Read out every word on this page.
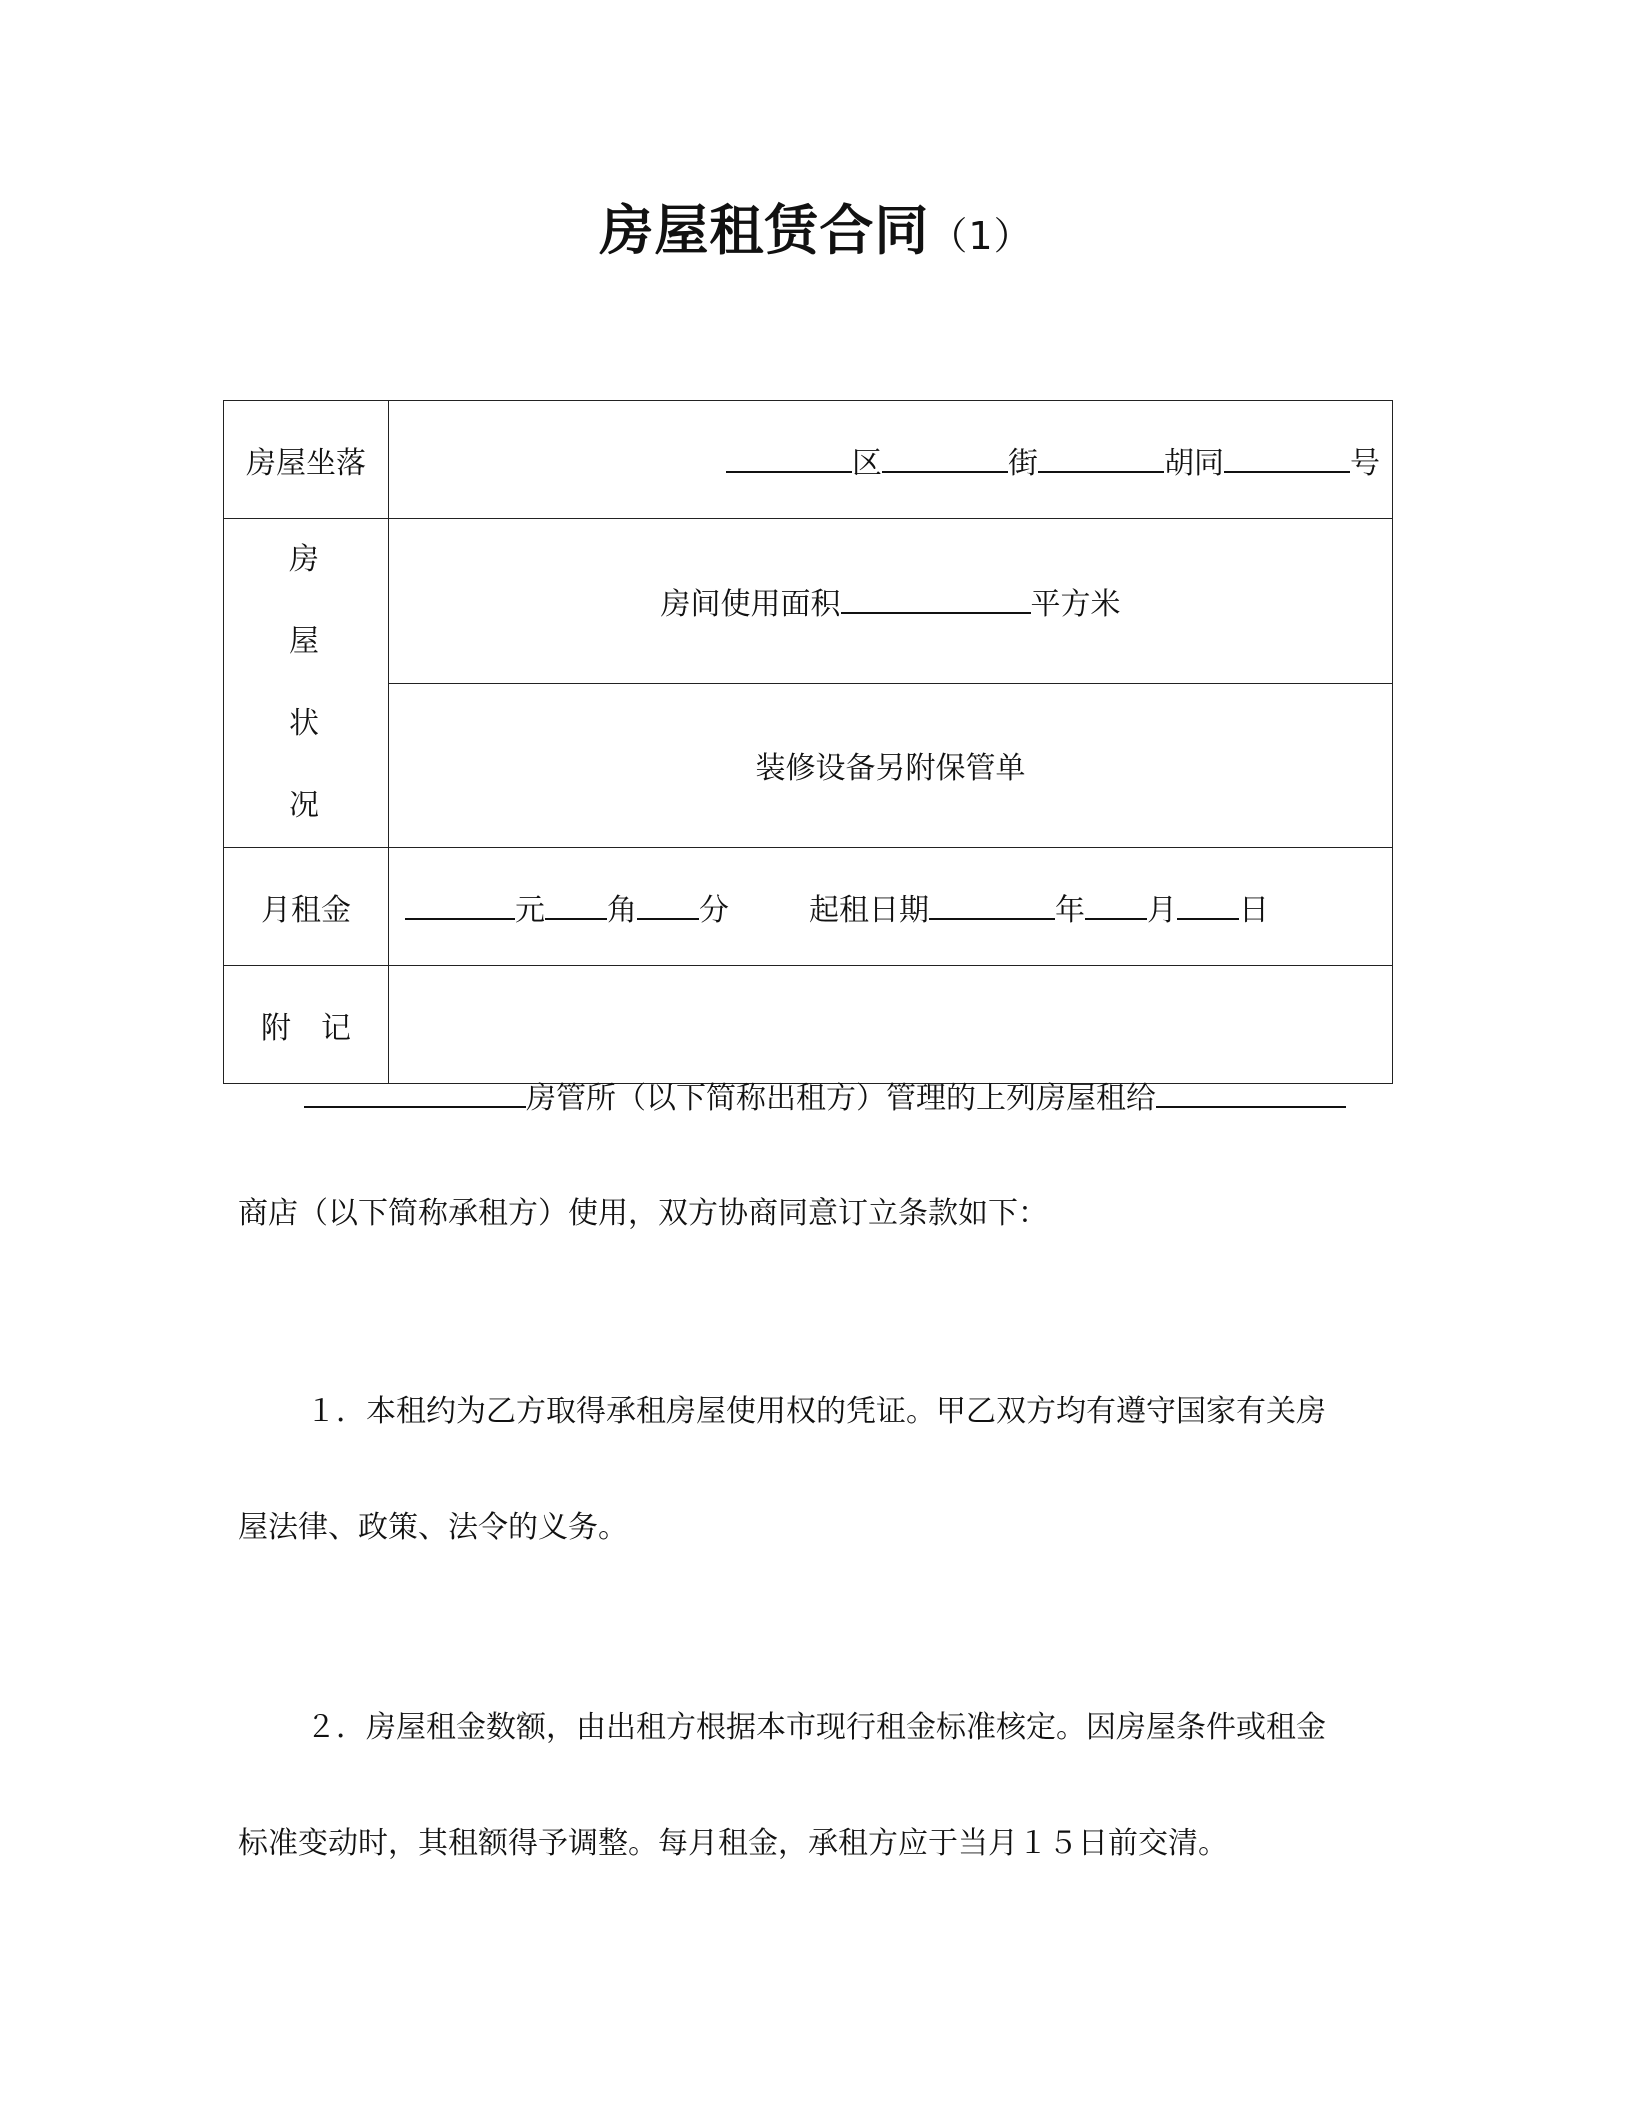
房屋租赁合同（1）
房屋坐落	区 街 胡同 号

房　屋
状　况	房间使用面积 平方米
	装修设备另附保管单
月租金	元 角 分 起租日期 年 月 日
附　记	
房管所（以下简称出租方）管理的上列房屋租给
商店（以下简称承租方）使用，双方协商同意订立条款如下：
１．本租约为乙方取得承租房屋使用权的凭证。甲乙双方均有遵守国家有关房
屋法律、政策、法令的义务。
２．房屋租金数额，由出租方根据本市现行租金标准核定。因房屋条件或租金
标准变动时，其租额得予调整。每月租金，承租方应于当月１５日前交清。
